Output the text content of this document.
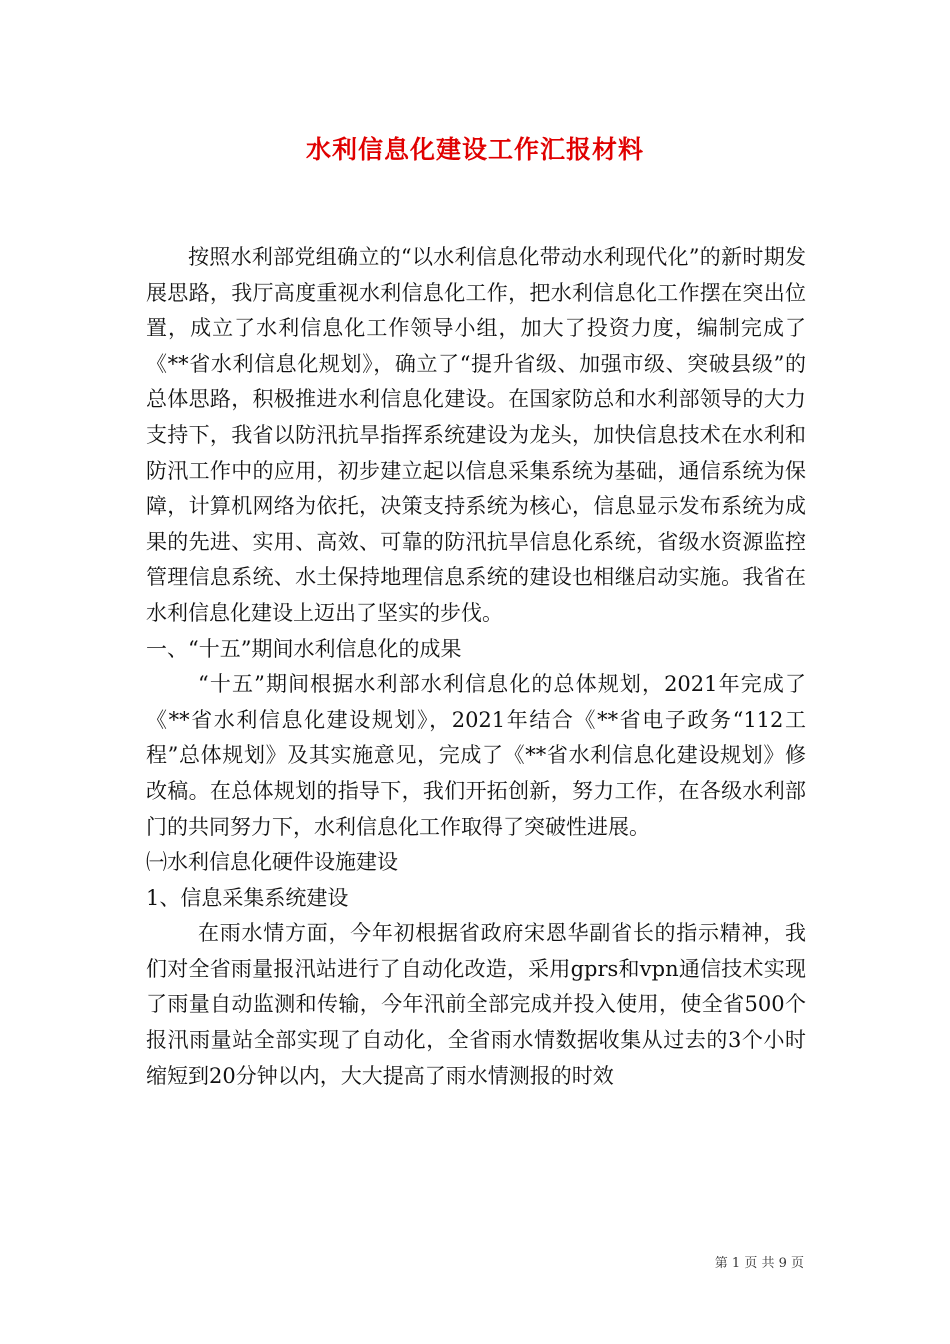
水利信息化建设工作汇报材料

按照水利部党组确立的“以水利信息化带动水利现代化”的新时期发展思路，我厅高度重视水利信息化工作，把水利信息化工作摆在突出位置，成立了水利信息化工作领导小组，加大了投资力度，编制完成了《**省水利信息化规划》，确立了“提升省级、加强市级、突破县级”的总体思路，积极推进水利信息化建设。在国家防总和水利部领导的大力支持下，我省以防汛抗旱指挥系统建设为龙头，加快信息技术在水利和防汛工作中的应用，初步建立起以信息采集系统为基础，通信系统为保障，计算机网络为依托，决策支持系统为核心，信息显示发布系统为成果的先进、实用、高效、可靠的防汛抗旱信息化系统，省级水资源监控管理信息系统、水土保持地理信息系统的建设也相继启动实施。我省在水利信息化建设上迈出了坚实的步伐。

一、“十五”期间水利信息化的成果

“十五”期间根据水利部水利信息化的总体规划，2021年完成了《**省水利信息化建设规划》，2021年结合《**省电子政务“112工程”总体规划》及其实施意见，完成了《**省水利信息化建设规划》修改稿。在总体规划的指导下，我们开拓创新，努力工作，在各级水利部门的共同努力下，水利信息化工作取得了突破性进展。

㈠水利信息化硬件设施建设

1、信息采集系统建设

在雨水情方面，今年初根据省政府宋恩华副省长的指示精神，我们对全省雨量报汛站进行了自动化改造，采用gprs和vpn通信技术实现了雨量自动监测和传输，今年汛前全部完成并投入使用，使全省500个报汛雨量站全部实现了自动化，全省雨水情数据收集从过去的3个小时缩短到20分钟以内，大大提高了雨水情测报的时效

第 1 页 共 9 页
